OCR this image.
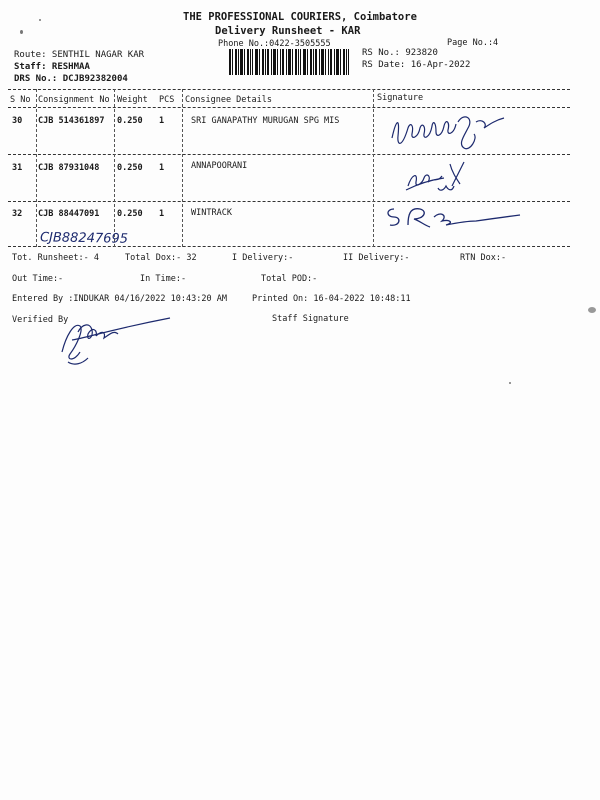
THE PROFESSIONAL COURIERS, Coimbatore
Delivery Runsheet - KAR
Phone No.:0422-3505555	Page No.:4
Route: SENTHIL NAGAR KAR
Staff: RESHMAA
DRS No.: DCJB92382004
RS No.: 923820
RS Date: 16-Apr-2022
S No Consignment No Weight PCS Consignee Details	Signature
30 CJB 514361897 0.250 1	SRI GANAPATHY MURUGAN SPG MIS
31 CJB 87931048 0.250 1	ANNAPOORANI
32 CJB 88447091 0.250 1	WINTRACK
CJB88247695
Tot. Runsheet:- 4	Total Dox:- 32	I Delivery:-	II Delivery:-	RTN Dox:-
Out Time:-	In Time:-	Total POD:-
Entered By :INDUKAR 04/16/2022 10:43:20 AM	Printed On: 16-04-2022 10:48:11
Verified By	Staff Signature
